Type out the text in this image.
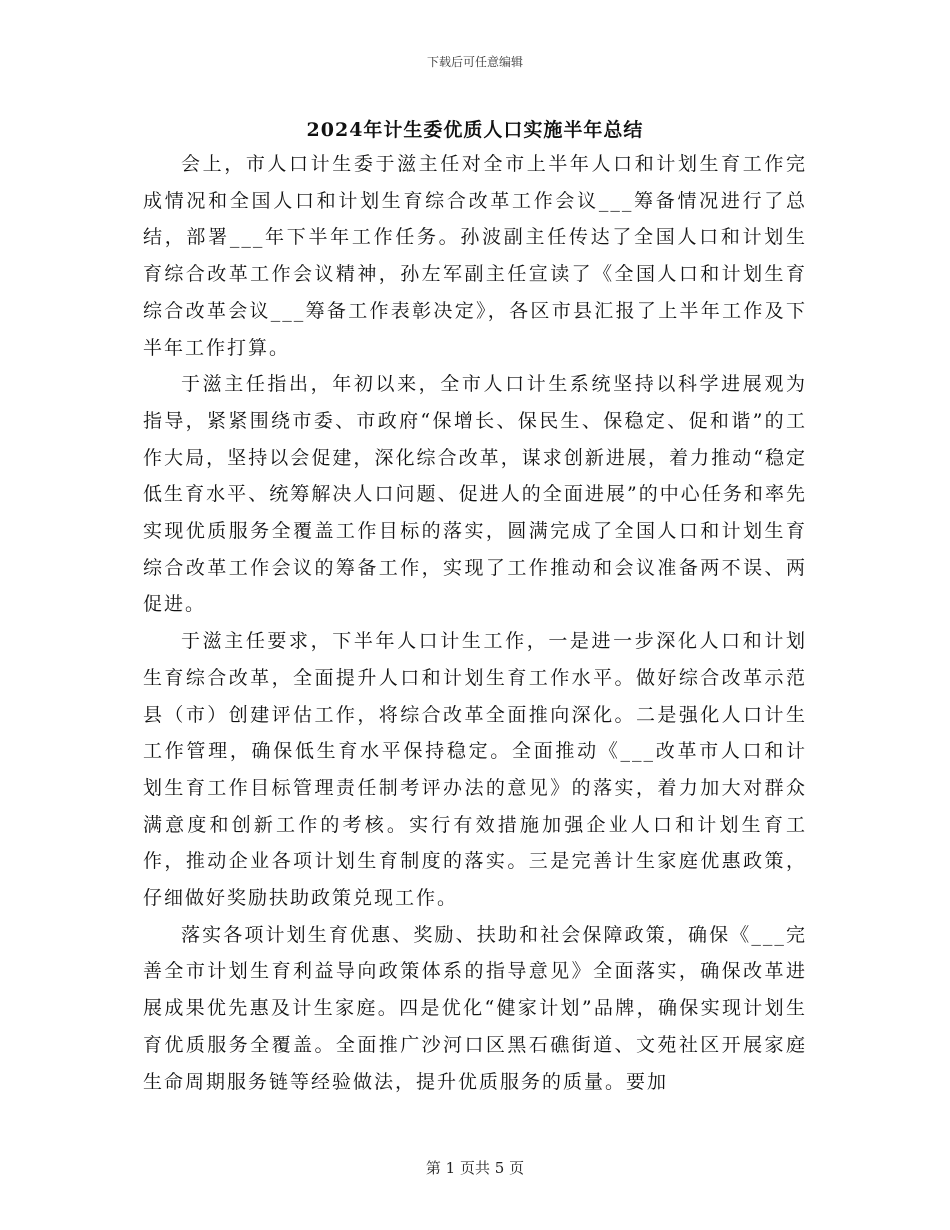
下载后可任意编辑
2024年计生委优质人口实施半年总结

会上，市人口计生委于滋主任对全市上半年人口和计划生育工作完成情况和全国人口和计划生育综合改革工作会议___筹备情况进行了总结，部署___年下半年工作任务。孙波副主任传达了全国人口和计划生育综合改革工作会议精神，孙左军副主任宣读了《全国人口和计划生育综合改革会议___筹备工作表彰决定》，各区市县汇报了上半年工作及下半年工作打算。

于滋主任指出，年初以来，全市人口计生系统坚持以科学进展观为指导，紧紧围绕市委、市政府“保增长、保民生、保稳定、促和谐”的工作大局，坚持以会促建，深化综合改革，谋求创新进展，着力推动“稳定低生育水平、统筹解决人口问题、促进人的全面进展”的中心任务和率先实现优质服务全覆盖工作目标的落实，圆满完成了全国人口和计划生育综合改革工作会议的筹备工作，实现了工作推动和会议准备两不误、两促进。

于滋主任要求，下半年人口计生工作，一是进一步深化人口和计划生育综合改革，全面提升人口和计划生育工作水平。做好综合改革示范县（市）创建评估工作，将综合改革全面推向深化。二是强化人口计生工作管理，确保低生育水平保持稳定。全面推动《___改革市人口和计划生育工作目标管理责任制考评办法的意见》的落实，着力加大对群众满意度和创新工作的考核。实行有效措施加强企业人口和计划生育工作，推动企业各项计划生育制度的落实。三是完善计生家庭优惠政策，仔细做好奖励扶助政策兑现工作。

落实各项计划生育优惠、奖励、扶助和社会保障政策，确保《___完善全市计划生育利益导向政策体系的指导意见》全面落实，确保改革进展成果优先惠及计生家庭。四是优化“健家计划”品牌，确保实现计划生育优质服务全覆盖。全面推广沙河口区黑石礁街道、文苑社区开展家庭生命周期服务链等经验做法，提升优质服务的质量。要加

第 1 页共 5 页
